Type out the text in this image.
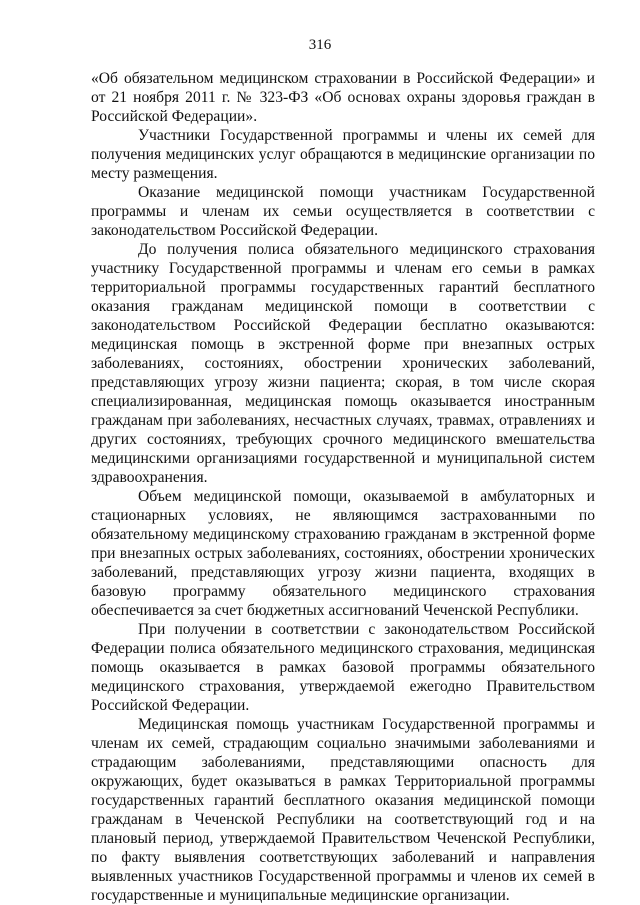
316

«Об обязательном медицинском страховании в Российской Федерации» и от 21 ноября 2011 г. № 323-ФЗ «Об основах охраны здоровья граждан в Российской Федерации».

Участники Государственной программы и члены их семей для получения медицинских услуг обращаются в медицинские организации по месту размещения.

Оказание медицинской помощи участникам Государственной программы и членам их семьи осуществляется в соответствии с законодательством Российской Федерации.

До получения полиса обязательного медицинского страхования участнику Государственной программы и членам его семьи в рамках территориальной программы государственных гарантий бесплатного оказания гражданам медицинской помощи в соответствии с законодательством Российской Федерации бесплатно оказываются: медицинская помощь в экстренной форме при внезапных острых заболеваниях, состояниях, обострении хронических заболеваний, представляющих угрозу жизни пациента; скорая, в том числе скорая специализированная, медицинская помощь оказывается иностранным гражданам при заболеваниях, несчастных случаях, травмах, отравлениях и других состояниях, требующих срочного медицинского вмешательства медицинскими организациями государственной и муниципальной систем здравоохранения.

Объем медицинской помощи, оказываемой в амбулаторных и стационарных условиях, не являющимся застрахованными по обязательному медицинскому страхованию гражданам в экстренной форме при внезапных острых заболеваниях, состояниях, обострении хронических заболеваний, представляющих угрозу жизни пациента, входящих в базовую программу обязательного медицинского страхования обеспечивается за счет бюджетных ассигнований Чеченской Республики.

При получении в соответствии с законодательством Российской Федерации полиса обязательного медицинского страхования, медицинская помощь оказывается в рамках базовой программы обязательного медицинского страхования, утверждаемой ежегодно Правительством Российской Федерации.

Медицинская помощь участникам Государственной программы и членам их семей, страдающим социально значимыми заболеваниями и страдающим заболеваниями, представляющими опасность для окружающих, будет оказываться в рамках Территориальной программы государственных гарантий бесплатного оказания медицинской помощи гражданам в Чеченской Республики на соответствующий год и на плановый период, утверждаемой Правительством Чеченской Республики, по факту выявления соответствующих заболеваний и направления выявленных участников Государственной программы и членов их семей в государственные и муниципальные медицинские организации.
